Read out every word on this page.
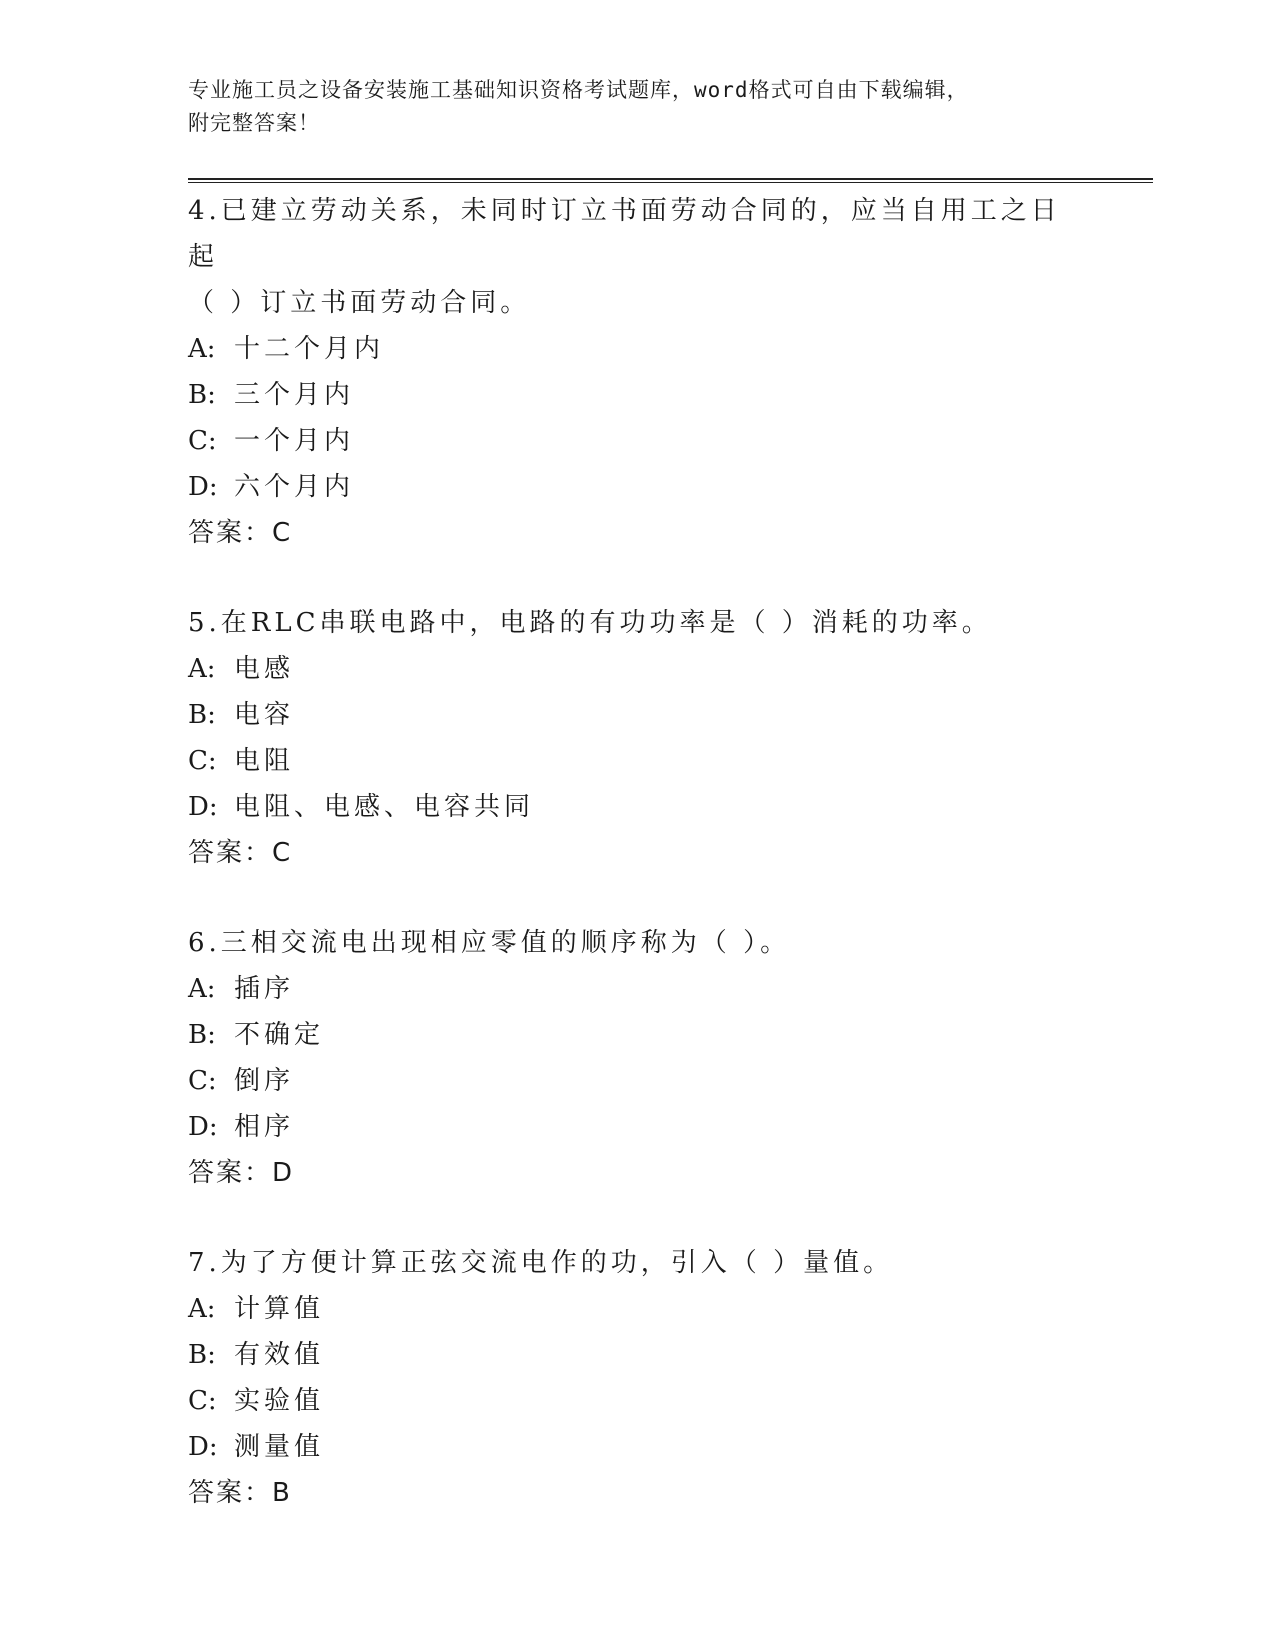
专业施工员之设备安装施工基础知识资格考试题库，word格式可自由下载编辑，
附完整答案！

4.已建立劳动关系，未同时订立书面劳动合同的，应当自用工之日起
（ ）订立书面劳动合同。

A: 十二个月内

B: 三个月内

C: 一个月内

D: 六个月内

答案：C

5.在RLC串联电路中，电路的有功功率是（ ）消耗的功率。

A: 电感

B: 电容

C: 电阻

D: 电阻、电感、电容共同

答案：C

6.三相交流电出现相应零值的顺序称为（ ）。

A: 插序

B: 不确定

C: 倒序

D: 相序

答案：D

7.为了方便计算正弦交流电作的功，引入（ ）量值。

A: 计算值

B: 有效值

C: 实验值

D: 测量值

答案：B
